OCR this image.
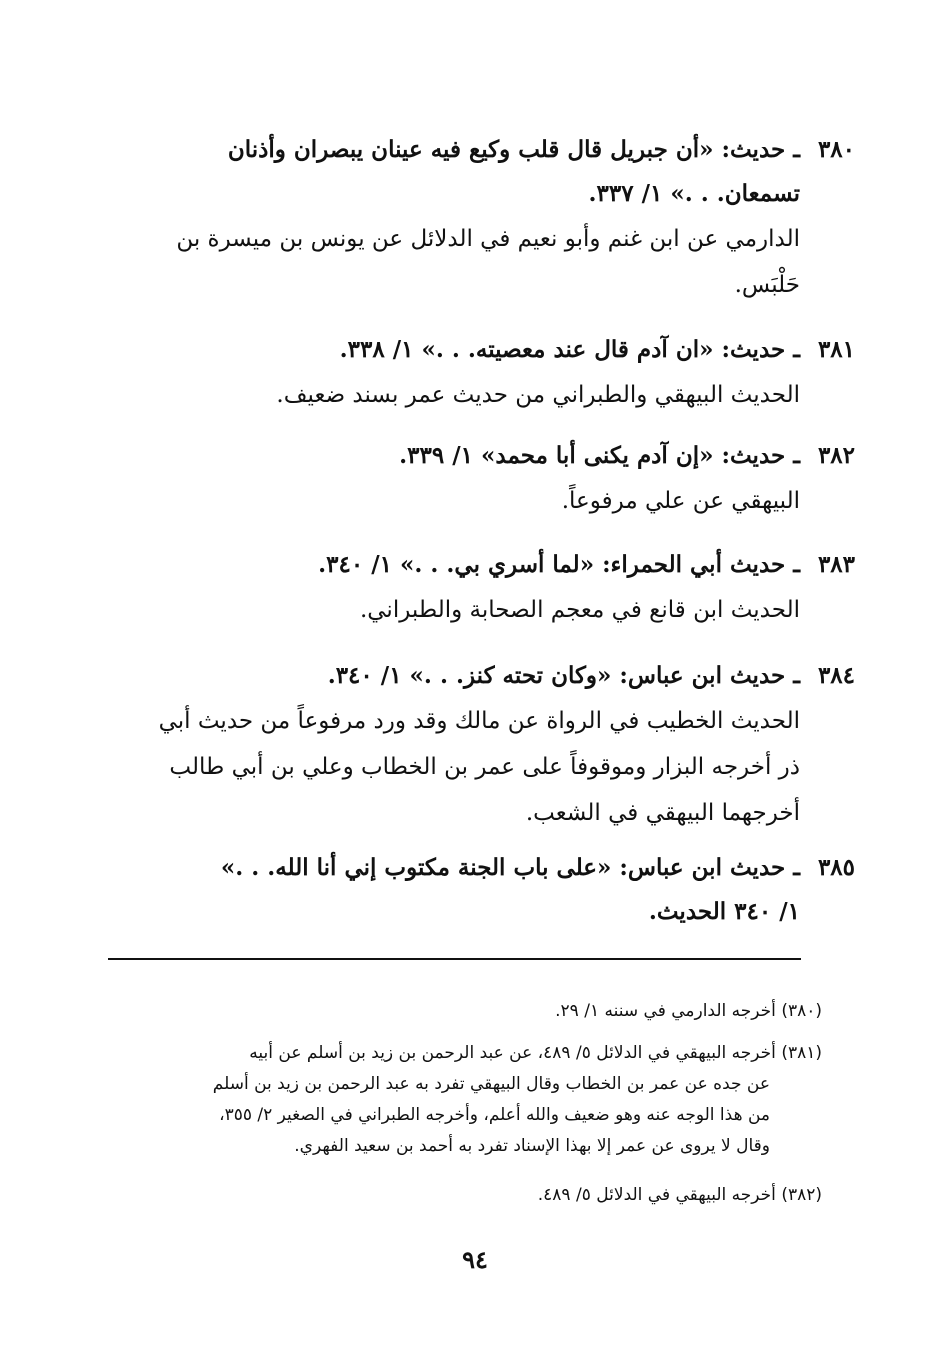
٣٨٠
ـ حديث: «أن جبريل قال قلب وكيع فيه عينان يبصران وأذنان
تسمعان. . .» ١/ ٣٣٧.
الدارمي عن ابن غنم وأبو نعيم في الدلائل عن يونس بن ميسرة بن
حَلْبَس.
٣٨١
ـ حديث: «ان آدم قال عند معصيته. . .» ١/ ٣٣٨.
الحديث البيهقي والطبراني من حديث عمر بسند ضعيف.
٣٨٢
ـ حديث: «إن آدم يكنى أبا محمد» ١/ ٣٣٩.
البيهقي عن علي مرفوعاً.
٣٨٣
ـ حديث أبي الحمراء: «لما أسري بي. . .» ١/ ٣٤٠.
الحديث ابن قانع في معجم الصحابة والطبراني.
٣٨٤
ـ حديث ابن عباس: «وكان تحته كنز. . .» ١/ ٣٤٠.
الحديث الخطيب في الرواة عن مالك وقد ورد مرفوعاً من حديث أبي
ذر أخرجه البزار وموقوفاً على عمر بن الخطاب وعلي بن أبي طالب
أخرجهما البيهقي في الشعب.
٣٨٥
ـ حديث ابن عباس: «على باب الجنة مكتوب إني أنا الله. . .»
١/ ٣٤٠ الحديث.
(٣٨٠) أخرجه الدارمي في سننه ١/ ٢٩.
(٣٨١) أخرجه البيهقي في الدلائل ٥/ ٤٨٩، عن عبد الرحمن بن زيد بن أسلم عن أبيه
عن جده عن عمر بن الخطاب وقال البيهقي تفرد به عبد الرحمن بن زيد بن أسلم
من هذا الوجه عنه وهو ضعيف والله أعلم، وأخرجه الطبراني في الصغير ٢/ ٣٥٥،
وقال لا يروى عن عمر إلا بهذا الإسناد تفرد به أحمد بن سعيد الفهري.
(٣٨٢) أخرجه البيهقي في الدلائل ٥/ ٤٨٩.
٩٤
